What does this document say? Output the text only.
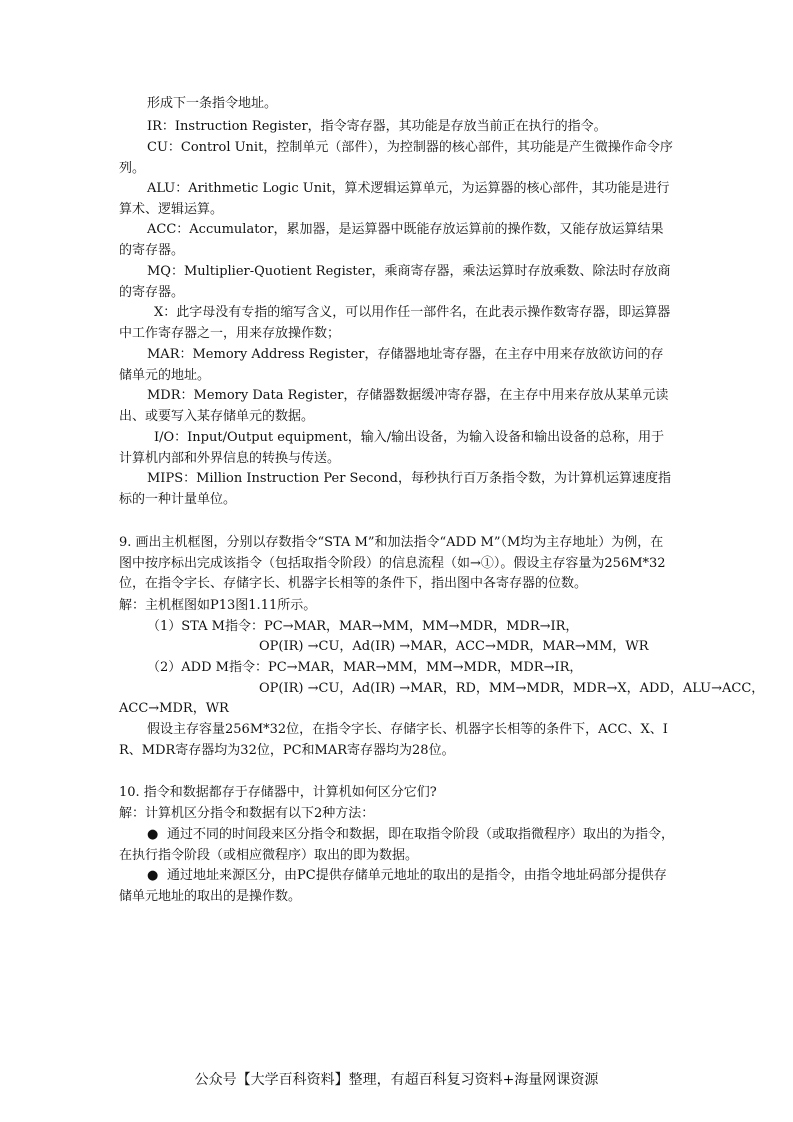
形成下一条指令地址。
IR：Instruction Register，指令寄存器，其功能是存放当前正在执行的指令。
CU：Control Unit，控制单元（部件），为控制器的核心部件，其功能是产生微操作命令序列。
ALU：Arithmetic Logic Unit，算术逻辑运算单元，为运算器的核心部件，其功能是进行算术、逻辑运算。
ACC：Accumulator，累加器，是运算器中既能存放运算前的操作数，又能存放运算结果的寄存器。
MQ：Multiplier-Quotient Register，乘商寄存器，乘法运算时存放乘数、除法时存放商的寄存器。
X：此字母没有专指的缩写含义，可以用作任一部件名，在此表示操作数寄存器，即运算器中工作寄存器之一，用来存放操作数；
MAR：Memory Address Register，存储器地址寄存器，在主存中用来存放欲访问的存储单元的地址。
MDR：Memory Data Register，存储器数据缓冲寄存器，在主存中用来存放从某单元读出、或要写入某存储单元的数据。
I/O：Input/Output equipment，输入/输出设备，为输入设备和输出设备的总称，用于计算机内部和外界信息的转换与传送。
MIPS：Million Instruction Per Second，每秒执行百万条指令数，为计算机运算速度指标的一种计量单位。
9. 画出主机框图，分别以存数指令“STA M”和加法指令“ADD M”（M均为主存地址）为例，在图中按序标出完成该指令（包括取指令阶段）的信息流程（如→①）。假设主存容量为256M*32位，在指令字长、存储字长、机器字长相等的条件下，指出图中各寄存器的位数。
解：主机框图如P13图1.11所示。
（1）STA M指令：PC→MAR，MAR→MM，MM→MDR，MDR→IR，
OP(IR) →CU，Ad(IR) →MAR，ACC→MDR，MAR→MM，WR
（2）ADD M指令：PC→MAR，MAR→MM，MM→MDR，MDR→IR，
OP(IR) →CU，Ad(IR) →MAR，RD，MM→MDR，MDR→X，ADD，ALU→ACC，
ACC→MDR，WR
假设主存容量256M*32位，在指令字长、存储字长、机器字长相等的条件下，ACC、X、IR、MDR寄存器均为32位，PC和MAR寄存器均为28位。
10. 指令和数据都存于存储器中，计算机如何区分它们?
解：计算机区分指令和数据有以下2种方法：
● 通过不同的时间段来区分指令和数据，即在取指令阶段（或取指微程序）取出的为指令，在执行指令阶段（或相应微程序）取出的即为数据。
● 通过地址来源区分，由PC提供存储单元地址的取出的是指令，由指令地址码部分提供存储单元地址的取出的是操作数。
公众号【大学百科资料】整理，有超百科复习资料+海量网课资源
